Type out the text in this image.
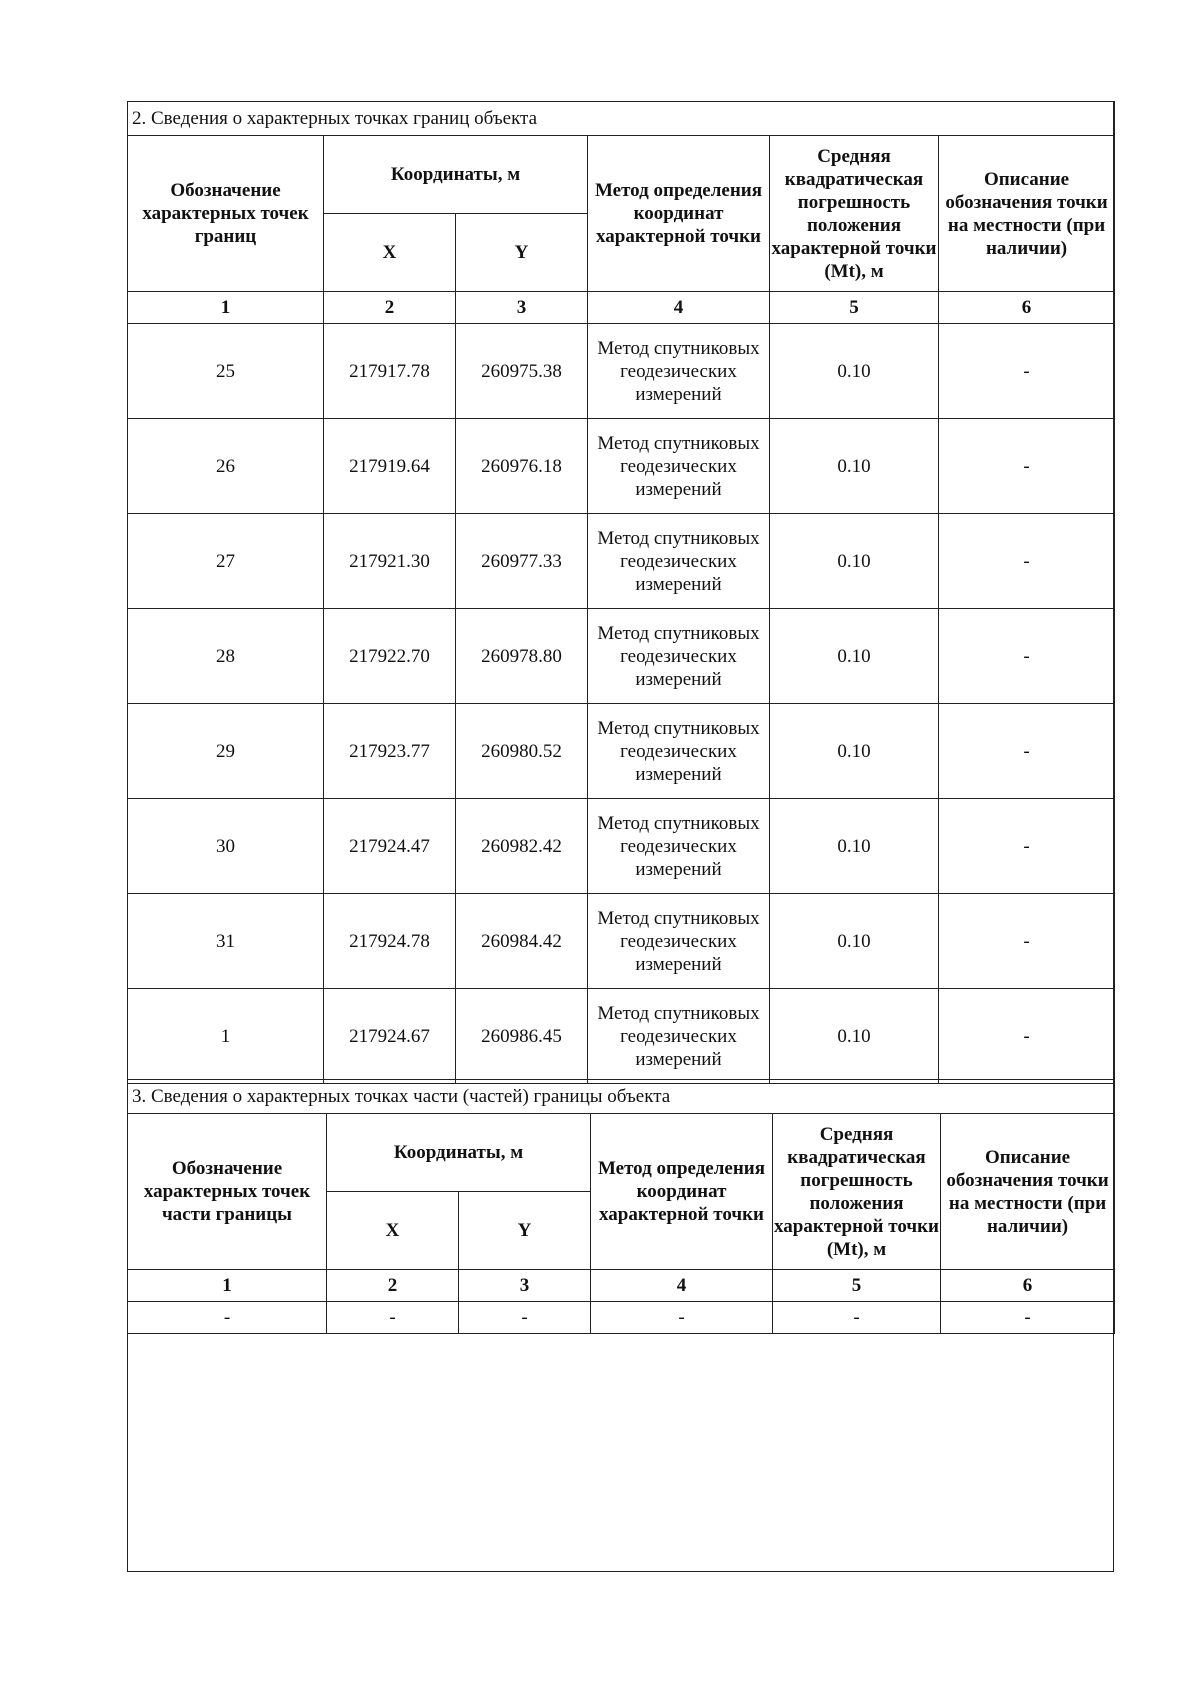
2. Сведения о характерных точках границ объекта					
Обозначение характерных точек границ	Координаты, м		Метод определения координат характерной точки	Средняя квадратическая погрешность положения характерной точки (Mt), м	Описание обозначения точки на местности (при наличии)
	X	Y			
1	2	3	4	5	6
25	217917.78	260975.38	Метод спутниковых геодезических измерений	0.10	-
26	217919.64	260976.18	Метод спутниковых геодезических измерений	0.10	-
27	217921.30	260977.33	Метод спутниковых геодезических измерений	0.10	-
28	217922.70	260978.80	Метод спутниковых геодезических измерений	0.10	-
29	217923.77	260980.52	Метод спутниковых геодезических измерений	0.10	-
30	217924.47	260982.42	Метод спутниковых геодезических измерений	0.10	-
31	217924.78	260984.42	Метод спутниковых геодезических измерений	0.10	-
1	217924.67	260986.45	Метод спутниковых геодезических измерений	0.10	-
3. Сведения о характерных точках части (частей) границы объекта					
Обозначение характерных точек части границы	Координаты, м		Метод определения координат характерной точки	Средняя квадратическая погрешность положения характерной точки (Mt), м	Описание обозначения точки на местности (при наличии)
	X	Y			
1	2	3	4	5	6
-	-	-	-	-	-
